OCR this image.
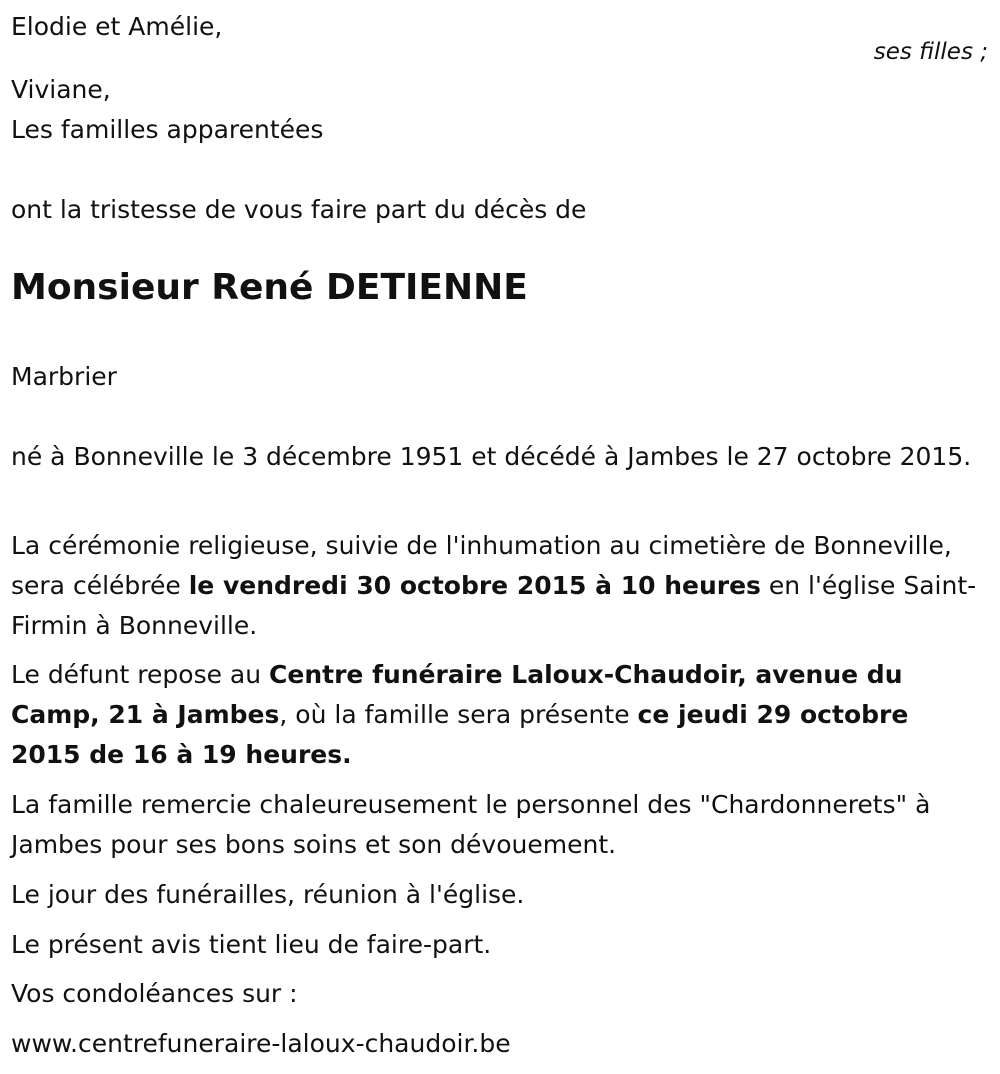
ses filles ;
Elodie et Amélie,
Viviane,
Les familles apparentées
ont la tristesse de vous faire part du décès de
Monsieur René DETIENNE
Marbrier
né à Bonneville le 3 décembre 1951 et décédé à Jambes le 27 octobre 2015.
La cérémonie religieuse, suivie de l'inhumation au cimetière de Bonneville, sera célébrée le vendredi 30 octobre 2015 à 10 heures en l'église Saint-Firmin à Bonneville.
Le défunt repose au Centre funéraire Laloux-Chaudoir, avenue du Camp, 21 à Jambes, où la famille sera présente ce jeudi 29 octobre 2015 de 16 à 19 heures.
La famille remercie chaleureusement le personnel des "Chardonnerets" à Jambes pour ses bons soins et son dévouement.
Le jour des funérailles, réunion à l'église.
Le présent avis tient lieu de faire-part.
Vos condoléances sur :
www.centrefuneraire-laloux-chaudoir.be
